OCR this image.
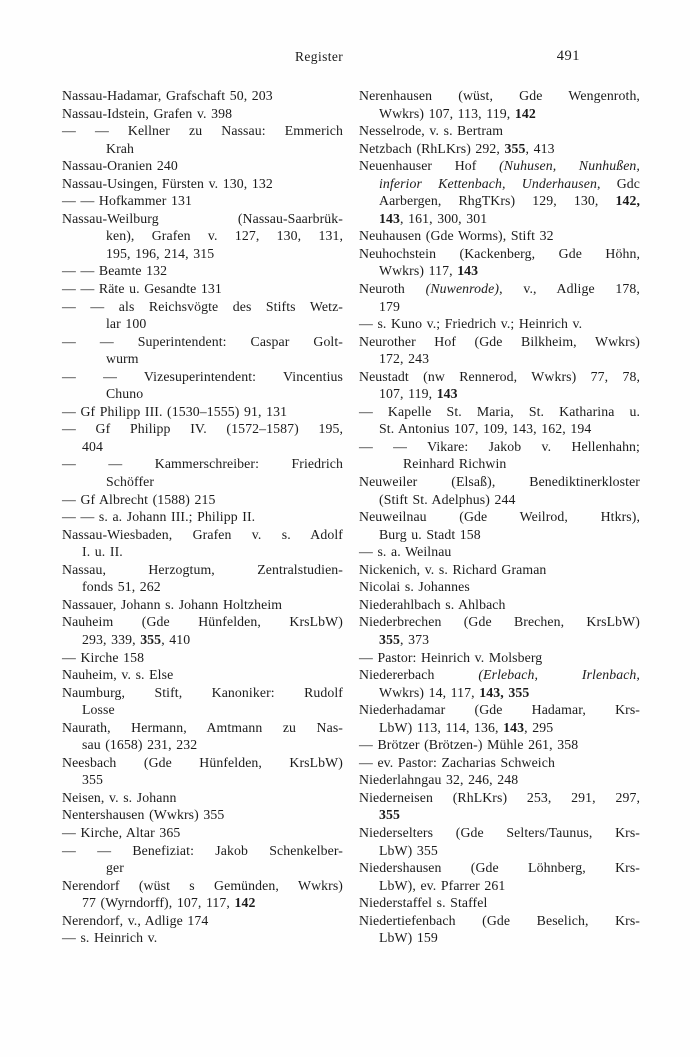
Register	491
Nassau-Hadamar, Grafschaft 50, 203
Nassau-Idstein, Grafen v. 398
— — Kellner zu Nassau: Emmerich
Krah
Nassau-Oranien 240
Nassau-Usingen, Fürsten v. 130, 132
— — Hofkammer 131
Nassau-Weilburg (Nassau-Saarbrük-
ken), Grafen v. 127, 130, 131,
195, 196, 214, 315
— — Beamte 132
— — Räte u. Gesandte 131
— — als Reichsvögte des Stifts Wetz-
lar 100
— — Superintendent: Caspar Golt-
wurm
— — Vizesuperintendent: Vincentius
Chuno
— Gf Philipp III. (1530–1555) 91, 131
— Gf Philipp IV. (1572–1587) 195,
404
— — Kammerschreiber: Friedrich
Schöffer
— Gf Albrecht (1588) 215
— — s. a. Johann III.; Philipp II.
Nassau-Wiesbaden, Grafen v. s. Adolf
I. u. II.
Nassau, Herzogtum, Zentralstudien-
fonds 51, 262
Nassauer, Johann s. Johann Holtzheim
Nauheim (Gde Hünfelden, KrsLbW)
293, 339, 355, 410
— Kirche 158
Nauheim, v. s. Else
Naumburg, Stift, Kanoniker: Rudolf
Losse
Naurath, Hermann, Amtmann zu Nas-
sau (1658) 231, 232
Neesbach (Gde Hünfelden, KrsLbW)
355
Neisen, v. s. Johann
Nentershausen (Wwkrs) 355
— Kirche, Altar 365
— — Benefiziat: Jakob Schenkelber-
ger
Nerendorf (wüst s Gemünden, Wwkrs)
77 (Wyrndorff), 107, 117, 142
Nerendorf, v., Adlige 174
— s. Heinrich v.
Nerenhausen (wüst, Gde Wengenroth,
Wwkrs) 107, 113, 119, 142
Nesselrode, v. s. Bertram
Netzbach (RhLKrs) 292, 355, 413
Neuenhauser Hof (Nuhusen, Nunhußen,
inferior Kettenbach, Underhausen, Gdc
Aarbergen, RhgTKrs) 129, 130, 142,
143, 161, 300, 301
Neuhausen (Gde Worms), Stift 32
Neuhochstein (Kackenberg, Gde Höhn,
Wwkrs) 117, 143
Neuroth (Nuwenrode), v., Adlige 178,
179
— s. Kuno v.; Friedrich v.; Heinrich v.
Neurother Hof (Gde Bilkheim, Wwkrs)
172, 243
Neustadt (nw Rennerod, Wwkrs) 77, 78,
107, 119, 143
— Kapelle St. Maria, St. Katharina u.
St. Antonius 107, 109, 143, 162, 194
— — Vikare: Jakob v. Hellenhahn;
Reinhard Richwin
Neuweiler (Elsaß), Benediktinerkloster
(Stift St. Adelphus) 244
Neuweilnau (Gde Weilrod, Htkrs),
Burg u. Stadt 158
— s. a. Weilnau
Nickenich, v. s. Richard Graman
Nicolai s. Johannes
Niederahlbach s. Ahlbach
Niederbrechen (Gde Brechen, KrsLbW)
355, 373
— Pastor: Heinrich v. Molsberg
Niedererbach (Erlebach, Irlenbach,
Wwkrs) 14, 117, 143, 355
Niederhadamar (Gde Hadamar, Krs-
LbW) 113, 114, 136, 143, 295
— Brötzer (Brötzen-) Mühle 261, 358
— ev. Pastor: Zacharias Schweich
Niederlahngau 32, 246, 248
Niederneisen (RhLKrs) 253, 291, 297,
355
Niederselters (Gde Selters/Taunus, Krs-
LbW) 355
Niedershausen (Gde Löhnberg, Krs-
LbW), ev. Pfarrer 261
Niederstaffel s. Staffel
Niedertiefenbach (Gde Beselich, Krs-
LbW) 159
